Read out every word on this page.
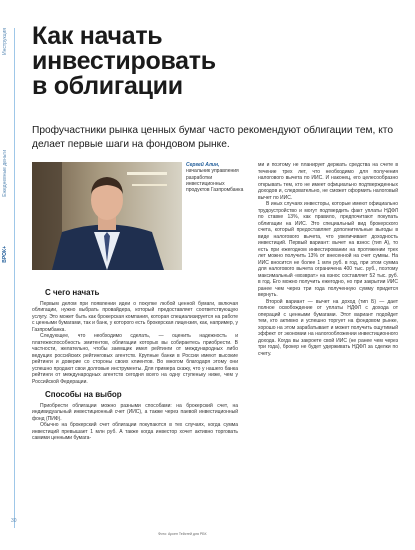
Инструкция
Ежедневные деньги
ВРОК+
Как начать
инвестировать
в облигации
Профучастники рынка ценных бумаг часто рекомендуют облигации тем, кто делает первые шаги на фондовом рынке.
Сергей Алин,
начальник управления разработки инвестиционных продуктов Газпромбанка
С чего начать

Первым делом при появлении идеи о покупке любой ценной бумаги, включая облигации, нужно выбрать провайдера, который предоставляет соответствующую услугу. Это может быть как брокерская компания, которая специализируется на работе с ценными бумагами, так и банк, у которого есть брокерская лицензия, как, например, у Газпромбанка.

Следующее, что необходимо сделать, — оценить надежность и платежеспособность эмитентов, облигации которых вы собираетесь приобрести. В частности, желательно, чтобы заемщик имел рейтинги от международных либо ведущих российских рейтинговых агентств. Крупные банки в России имеют высокие рейтинги и доверие со стороны своих клиентов. Во многом благодаря этому они успешно продают свои долговые инструменты. Для примера скажу, что у нашего банка рейтинги от международных агентств сегодня всего на одну ступеньку ниже, чем у Российской Федерации.

Способы на выбор

Приобрести облигации можно разными способами: на брокерский счет, на индивидуальный инвестиционный счет (ИИС), а также через паевой инвестиционный фонд (ПИФ).

Обычно на брокерский счет облигации покупаются в тех случаях, когда сумма инвестиций превышает 1 млн руб. А также когда инвестор хочет активно торговать самими ценными бумага-

ми и поэтому не планирует держать средства на счете в течение трех лет, что необходимо для получения налогового вычета по ИИС. И наконец, его целесообразно открывать тем, кто не имеет официально подтвержденных доходов и, следовательно, не сможет оформить налоговый вычет по ИИС.

В иных случаях инвесторы, которые имеют официально трудоустройство и могут подтвердить факт уплаты НДФЛ по ставке 13%, как правило, предпочитают покупать облигации на ИИС. Это специальный вид брокерского счета, который предоставляет дополнительные выгоды в виде налогового вычета, что увеличивает доходность инвестиций. Первый вариант: вычет на взнос (тип А), то есть при ежегодном инвестировании на протяжении трех лет можно получить 13% от внесенной на счет суммы. На ИИС вносится не более 1 млн руб. в год, при этом сумма для налогового вычета ограничена 400 тыс. руб., поэтому максимальный «возврат» на взнос составляет 52 тыс. руб. в год. Его можно получить ежегодно, но при закрытии ИИС ранее чем через три года полученную сумму придется вернуть.

Второй вариант — вычет на доход (тип Б) — дает полное освобождение от уплаты НДФЛ с дохода от операций с ценными бумагами. Этот вариант подойдет тем, кто активно и успешно торгует на фондовом рынке, хорошо на этом зарабатывает и может получить ощутимый эффект от экономии на налогообложении инвестиционного дохода. Когда вы закроете свой ИИС (не ранее чем через три года), брокер не будет удерживать НДФЛ за сделки по счету.

30
Фото: Арсен Тейстей для РБК
